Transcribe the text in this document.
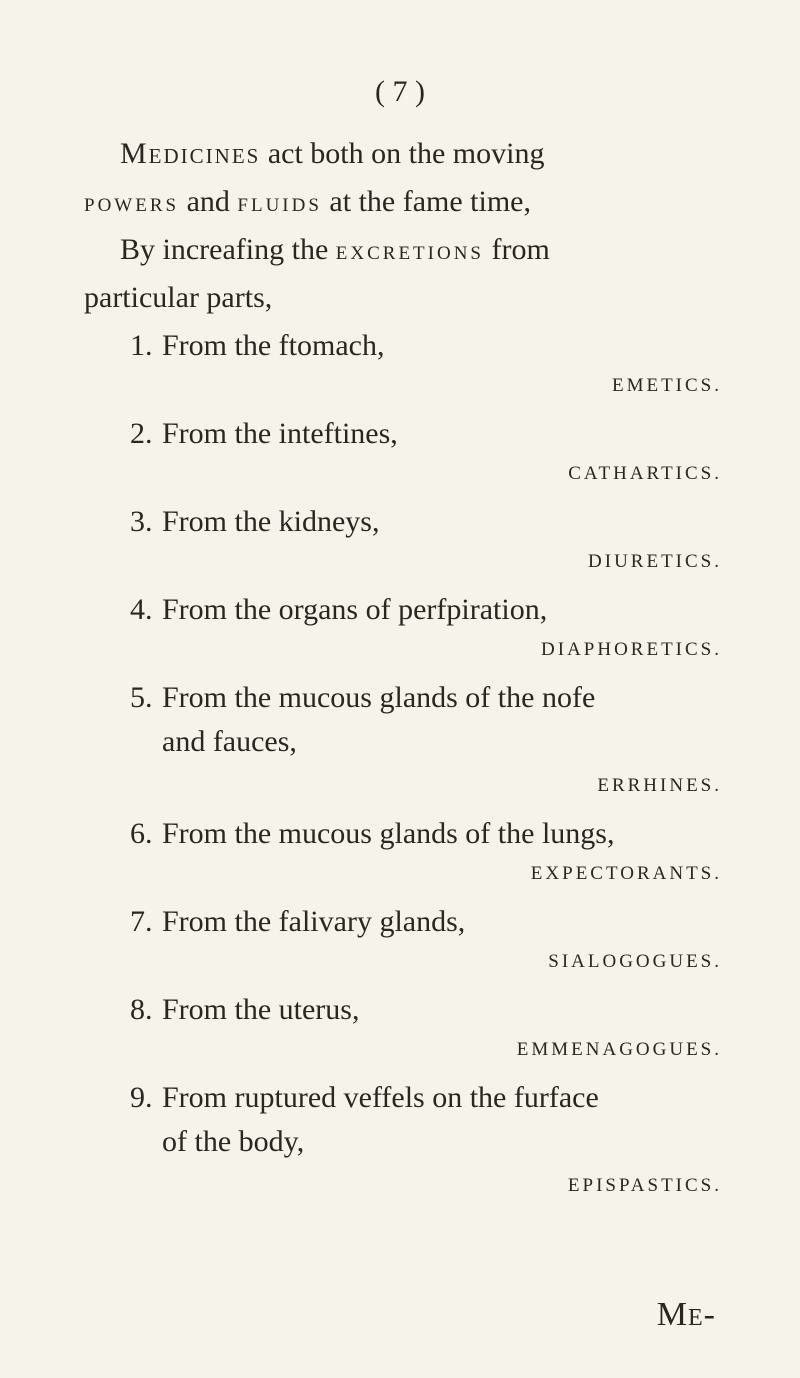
( 7 )
Medicines act both on the moving
POWERS and FLUIDS at the fame time,
By increafing the EXCRETIONS from
particular parts,
1. From the ftomach,
EMETICS.
2. From the inteftines,
CATHARTICS.
3. From the kidneys,
DIURETICS.
4. From the organs of perfpiration,
DIAPHORETICS.
5. From the mucous glands of the nofe
and fauces,
ERRHINES.
6. From the mucous glands of the lungs,
EXPECTORANTS.
7. From the falivary glands,
SIALOGOGUES.
8. From the uterus,
EMMENAGOGUES.
9. From ruptured veffels on the furface
of the body,
EPISPASTICS.
Me-
